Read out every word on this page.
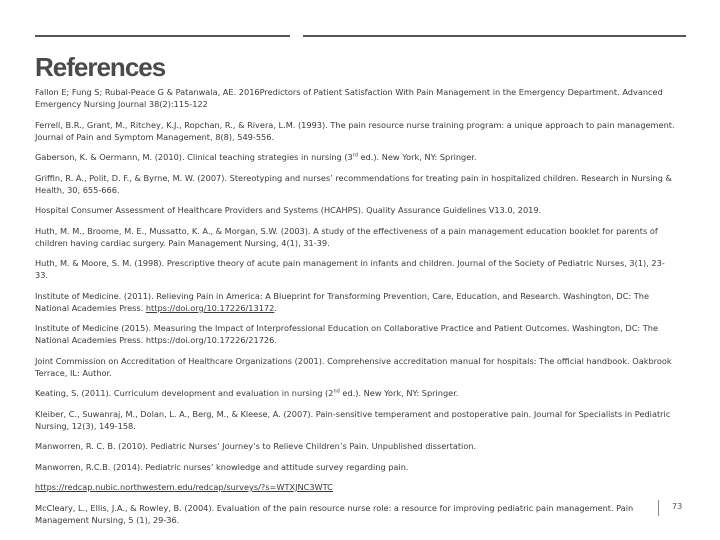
References

Fallon E; Fung S; Rubal-Peace G & Patanwala, AE. 2016Predictors of Patient Satisfaction With Pain Management in the Emergency Department. Advanced Emergency Nursing Journal 38(2):115-122

Ferrell, B.R., Grant, M., Ritchey, K.J., Ropchan, R., & Rivera, L.M. (1993). The pain resource nurse training program: a unique approach to pain management. Journal of Pain and Symptom Management, 8(8), 549-556.

Gaberson, K. & Oermann, M. (2010). Clinical teaching strategies in nursing (3rd ed.). New York, NY: Springer.

Griffin, R. A., Polit, D. F., & Byrne, M. W. (2007). Stereotyping and nurses’ recommendations for treating pain in hospitalized children. Research in Nursing & Health, 30, 655-666.

Hospital Consumer Assessment of Healthcare Providers and Systems (HCAHPS). Quality Assurance Guidelines V13.0, 2019.

Huth, M. M., Broome, M. E., Mussatto, K. A., & Morgan, S.W. (2003). A study of the effectiveness of a pain management education booklet for parents of children having cardiac surgery. Pain Management Nursing, 4(1), 31-39.

Huth, M. & Moore, S. M. (1998). Prescriptive theory of acute pain management in infants and children. Journal of the Society of Pediatric Nurses, 3(1), 23-33.

Institute of Medicine. (2011). Relieving Pain in America: A Blueprint for Transforming Prevention, Care, Education, and Research. Washington, DC: The National Academies Press. https://doi.org/10.17226/13172.

Institute of Medicine (2015). Measuring the Impact of Interprofessional Education on Collaborative Practice and Patient Outcomes. Washington, DC: The National Academies Press. https://doi.org/10.17226/21726.

Joint Commission on Accreditation of Healthcare Organizations (2001). Comprehensive accreditation manual for hospitals: The official handbook. Oakbrook Terrace, IL: Author.

Keating, S. (2011). Curriculum development and evaluation in nursing (2nd ed.). New York, NY: Springer.

Kleiber, C., Suwanraj, M., Dolan, L. A., Berg, M., & Kleese, A. (2007). Pain-sensitive temperament and postoperative pain. Journal for Specialists in Pediatric Nursing, 12(3), 149-158.

Manworren, R. C. B. (2010). Pediatric Nurses’ Journey’s to Relieve Children’s Pain. Unpublished dissertation.

Manworren, R.C.B. (2014). Pediatric nurses’ knowledge and attitude survey regarding pain.

https://redcap.nubic.northwestern.edu/redcap/surveys/?s=WTXJNC3WTC

McCleary, L., Ellis, J.A., & Rowley, B. (2004). Evaluation of the pain resource nurse role: a resource for improving pediatric pain management. Pain Management Nursing, 5 (1), 29-36.

73
